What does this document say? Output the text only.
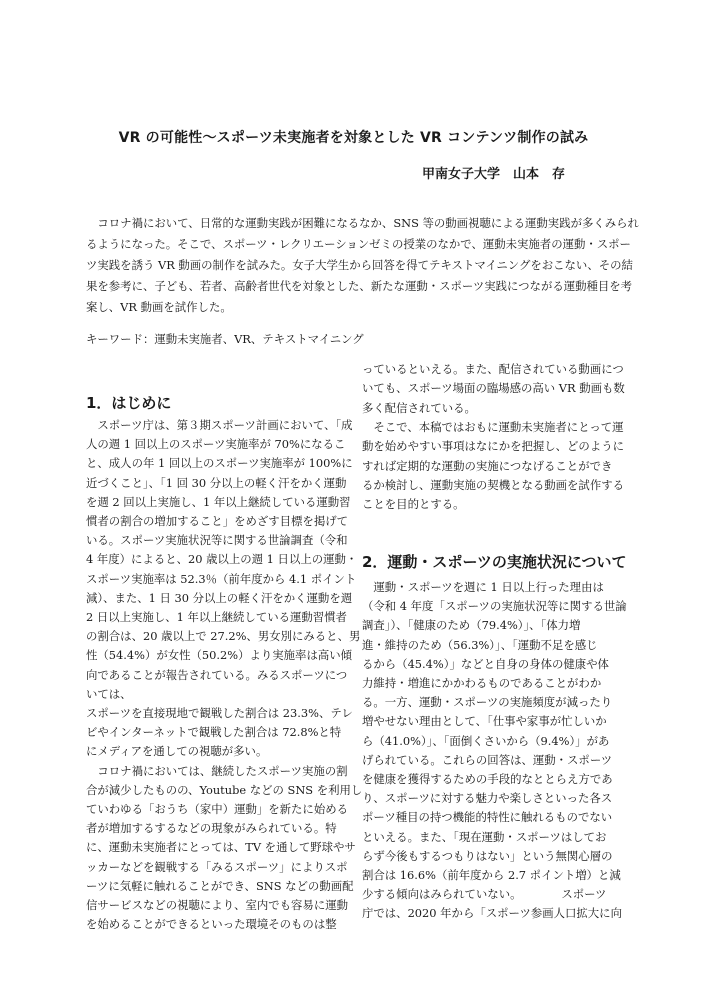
VR の可能性～スポーツ未実施者を対象とした VR コンテンツ制作の試み
甲南女子大学　山本　存
　コロナ禍において、日常的な運動実践が困難になるなか、SNS 等の動画視聴による運動実践が多くみられ
るようになった。そこで、スポーツ・レクリエーションゼミの授業のなかで、運動未実施者の運動・スポー
ツ実践を誘う VR 動画の制作を試みた。女子大学生から回答を得てテキストマイニングをおこない、その結
果を参考に、子ども、若者、高齢者世代を対象とした、新たな運動・スポーツ実践につながる運動種目を考
案し、VR 動画を試作した。
キーワード：運動未実施者、VR、テキストマイニング
1．はじめに
　スポーツ庁は、第３期スポーツ計画において、「成
人の週 1 回以上のスポーツ実施率が 70%になるこ
と、成人の年 1 回以上のスポーツ実施率が 100%に
近づくこと」、「1 回 30 分以上の軽く汗をかく運動
を週 2 回以上実施し、1 年以上継続している運動習
慣者の割合の増加すること」をめざす目標を掲げて
いる。スポーツ実施状況等に関する世論調査（令和
4 年度）によると、20 歳以上の週 1 日以上の運動・
スポーツ実施率は 52.3％（前年度から 4.1 ポイント
減）、また、1 日 30 分以上の軽く汗をかく運動を週
2 日以上実施し、1 年以上継続している運動習慣者
の割合は、20 歳以上で 27.2%、男女別にみると、男
性（54.4%）が女性（50.2%）より実施率は高い傾
向であることが報告されている。みるスポーツにつ
いては、
スポーツを直接現地で観戦した割合は 23.3%、テレ
ビやインターネットで観戦した割合は 72.8%と特
にメディアを通しての視聴が多い。
　コロナ禍においては、継続したスポーツ実施の割
合が減少したものの、Youtube などの SNS を利用し
ていわゆる「おうち（家中）運動」を新たに始める
者が増加するするなどの現象がみられている。特
に、運動未実施者にとっては、TV を通して野球やサ
ッカーなどを観戦する「みるスポーツ」によりスポ
ーツに気軽に触れることができ、SNS などの動画配
信サービスなどの視聴により、室内でも容易に運動
を始めることができるといった環境そのものは整
っているといえる。また、配信されている動画につ
いても、スポーツ場面の臨場感の高い VR 動画も数
多く配信されている。
　そこで、本稿ではおもに運動未実施者にとって運
動を始めやすい事項はなにかを把握し、どのように
すれば定期的な運動の実施につなげることができ
るか検討し、運動実施の契機となる動画を試作する
ことを目的とする。
2．運動・スポーツの実施状況について
　運動・スポーツを週に 1 日以上行った理由は
（令和 4 年度「スポーツの実施状況等に関する世論
調査」）、「健康のため（79.4%）」、「体力増
進・維持のため（56.3%）」、「運動不足を感じ
るから（45.4%）」などと自身の身体の健康や体
力維持・増進にかかわるものであることがわか
る。一方、運動・スポーツの実施頻度が減ったり
増やせない理由として、「仕事や家事が忙しいか
ら（41.0%）」、「面倒くさいから（9.4%）」があ
げられている。これらの回答は、運動・スポーツ
を健康を獲得するための手段的なととらえ方であ
り、スポーツに対する魅力や楽しさといった各ス
ポーツ種目の持つ機能的特性に触れるものでない
といえる。また、「現在運動・スポーツはしてお
らず今後もするつもりはない」という無関心層の
割合は 16.6%（前年度から 2.7 ポイント増）と減
少する傾向はみられていない。　　　　スポーツ
庁では、2020 年から「スポーツ参画人口拡大に向
